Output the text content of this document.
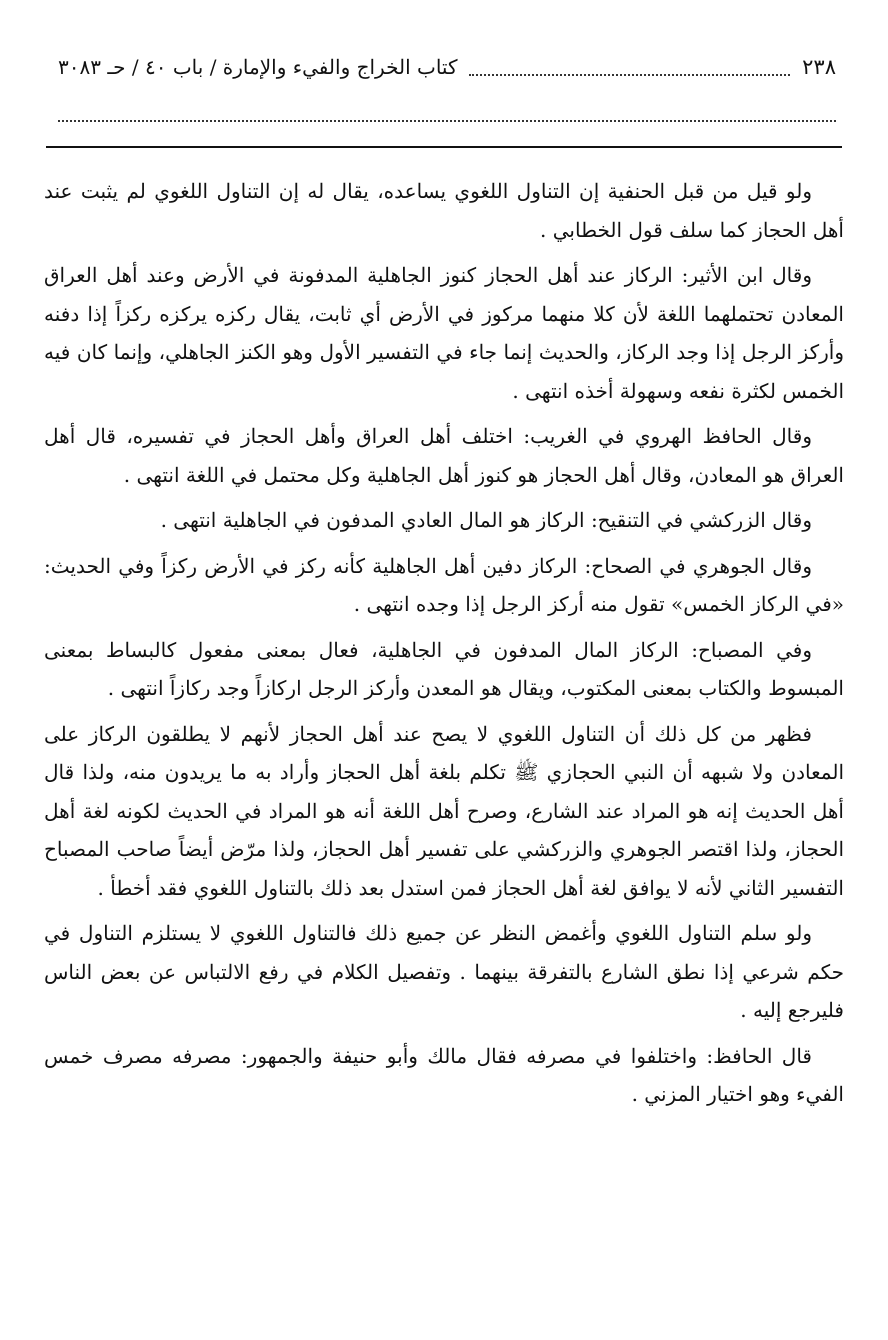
٢٣٨
كتاب الخراج والفيء والإمارة / باب ٤٠ / حـ ٣٠٨٣

ولو قيل من قبل الحنفية إن التناول اللغوي يساعده، يقال له إن التناول اللغوي لم يثبت عند أهل الحجاز كما سلف قول الخطابي .

وقال ابن الأثير: الركاز عند أهل الحجاز كنوز الجاهلية المدفونة في الأرض وعند أهل العراق المعادن تحتملهما اللغة لأن كلا منهما مركوز في الأرض أي ثابت، يقال ركزه يركزه ركزاً إذا دفنه وأركز الرجل إذا وجد الركاز، والحديث إنما جاء في التفسير الأول وهو الكنز الجاهلي، وإنما كان فيه الخمس لكثرة نفعه وسهولة أخذه انتهى .

وقال الحافظ الهروي في الغريب: اختلف أهل العراق وأهل الحجاز في تفسيره، قال أهل العراق هو المعادن، وقال أهل الحجاز هو كنوز أهل الجاهلية وكل محتمل في اللغة انتهى .

وقال الزركشي في التنقيح: الركاز هو المال العادي المدفون في الجاهلية انتهى .

وقال الجوهري في الصحاح: الركاز دفين أهل الجاهلية كأنه ركز في الأرض ركزاً وفي الحديث: «في الركاز الخمس» تقول منه أركز الرجل إذا وجده انتهى .

وفي المصباح: الركاز المال المدفون في الجاهلية، فعال بمعنى مفعول كالبساط بمعنى المبسوط والكتاب بمعنى المكتوب، ويقال هو المعدن وأركز الرجل اركازاً وجد ركازاً انتهى .

فظهر من كل ذلك أن التناول اللغوي لا يصح عند أهل الحجاز لأنهم لا يطلقون الركاز على المعادن ولا شبهه أن النبي الحجازي ﷺ تكلم بلغة أهل الحجاز وأراد به ما يريدون منه، ولذا قال أهل الحديث إنه هو المراد عند الشارع، وصرح أهل اللغة أنه هو المراد في الحديث لكونه لغة أهل الحجاز، ولذا اقتصر الجوهري والزركشي على تفسير أهل الحجاز، ولذا مرّض أيضاً صاحب المصباح التفسير الثاني لأنه لا يوافق لغة أهل الحجاز فمن استدل بعد ذلك بالتناول اللغوي فقد أخطأ .

ولو سلم التناول اللغوي وأغمض النظر عن جميع ذلك فالتناول اللغوي لا يستلزم التناول في حكم شرعي إذا نطق الشارع بالتفرقة بينهما . وتفصيل الكلام في رفع الالتباس عن بعض الناس فليرجع إليه .

قال الحافظ: واختلفوا في مصرفه فقال مالك وأبو حنيفة والجمهور: مصرفه مصرف خمس الفيء وهو اختيار المزني .
